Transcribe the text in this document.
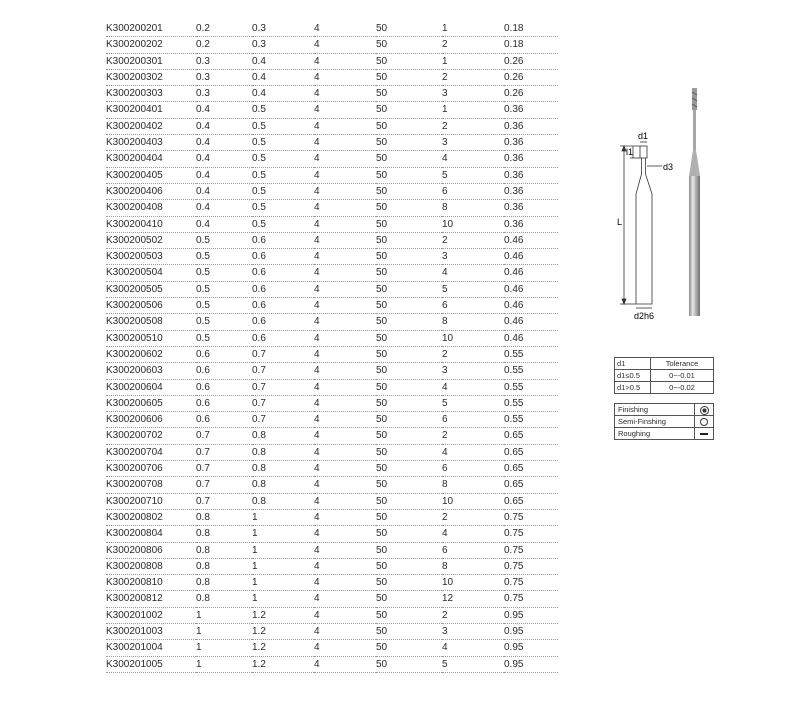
K300200201	0.2	0.3	4	50	1	0.18
K300200202	0.2	0.3	4	50	2	0.18
K300200301	0.3	0.4	4	50	1	0.26
K300200302	0.3	0.4	4	50	2	0.26
K300200303	0.3	0.4	4	50	3	0.26
K300200401	0.4	0.5	4	50	1	0.36
K300200402	0.4	0.5	4	50	2	0.36
K300200403	0.4	0.5	4	50	3	0.36
K300200404	0.4	0.5	4	50	4	0.36
K300200405	0.4	0.5	4	50	5	0.36
K300200406	0.4	0.5	4	50	6	0.36
K300200408	0.4	0.5	4	50	8	0.36
K300200410	0.4	0.5	4	50	10	0.36
K300200502	0.5	0.6	4	50	2	0.46
K300200503	0.5	0.6	4	50	3	0.46
K300200504	0.5	0.6	4	50	4	0.46
K300200505	0.5	0.6	4	50	5	0.46
K300200506	0.5	0.6	4	50	6	0.46
K300200508	0.5	0.6	4	50	8	0.46
K300200510	0.5	0.6	4	50	10	0.46
K300200602	0.6	0.7	4	50	2	0.55
K300200603	0.6	0.7	4	50	3	0.55
K300200604	0.6	0.7	4	50	4	0.55
K300200605	0.6	0.7	4	50	5	0.55
K300200606	0.6	0.7	4	50	6	0.55
K300200702	0.7	0.8	4	50	2	0.65
K300200704	0.7	0.8	4	50	4	0.65
K300200706	0.7	0.8	4	50	6	0.65
K300200708	0.7	0.8	4	50	8	0.65
K300200710	0.7	0.8	4	50	10	0.65
K300200802	0.8	1	4	50	2	0.75
K300200804	0.8	1	4	50	4	0.75
K300200806	0.8	1	4	50	6	0.75
K300200808	0.8	1	4	50	8	0.75
K300200810	0.8	1	4	50	10	0.75
K300200812	0.8	1	4	50	12	0.75
K300201002	1	1.2	4	50	2	0.95
K300201003	1	1.2	4	50	3	0.95
K300201004	1	1.2	4	50	4	0.95
K300201005	1	1.2	4	50	5	0.95
d1
l1
d3
L
d2h6
d1	Tolerance
d1≤0.5	0~-0.01
d1>0.5	0~-0.02
Finishing	
Semi-Finshing	
Roughing	
